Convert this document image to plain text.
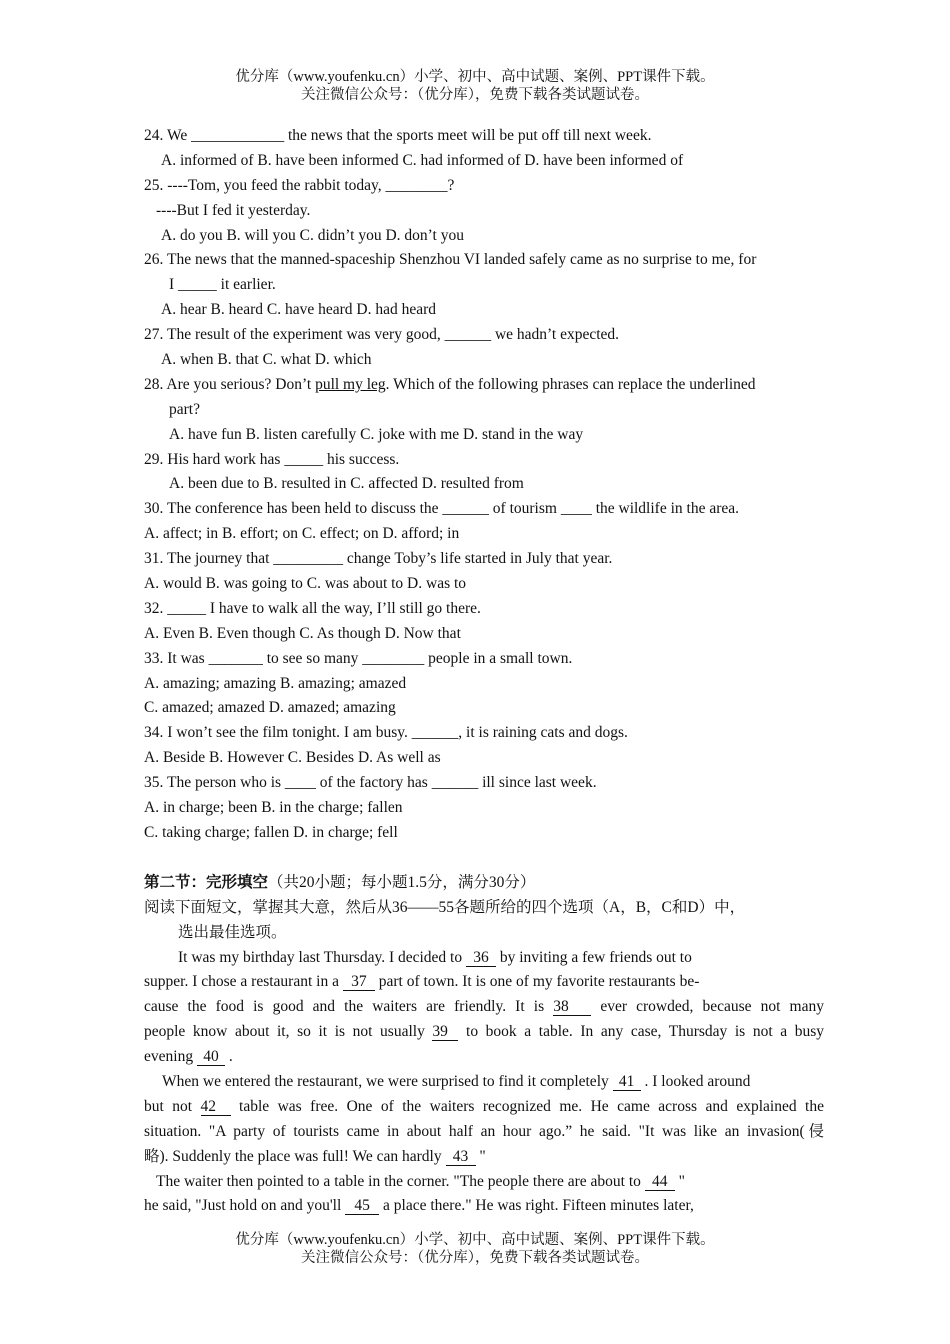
优分库（www.youfenku.cn）小学、初中、高中试题、案例、PPT课件下载。
关注微信公众号：（优分库），免费下载各类试题试卷。
24. We ____________ the news that the sports meet will be put off till next week.
A. informed of B. have been informed C. had informed of D. have been informed of
25. ----Tom, you feed the rabbit today, ________?
----But I fed it yesterday.
A. do you B. will you C. didn’t you D. don’t you
26. The news that the manned-spaceship Shenzhou VI landed safely came as no surprise to me, for
I _____ it earlier.
A. hear B. heard C. have heard D. had heard
27. The result of the experiment was very good, ______ we hadn’t expected.
A. when B. that C. what D. which
28. Are you serious? Don’t pull my leg. Which of the following phrases can replace the underlined
part?
A. have fun B. listen carefully C. joke with me D. stand in the way
29. His hard work has _____ his success.
A. been due to B. resulted in C. affected D. resulted from
30. The conference has been held to discuss the ______ of tourism ____ the wildlife in the area.
A. affect; in B. effort; on C. effect; on D. afford; in
31. The journey that _________ change Toby’s life started in July that year.
A. would B. was going to C. was about to D. was to
32. _____ I have to walk all the way, I’ll still go there.
A. Even B. Even though C. As though D. Now that
33. It was _______ to see so many ________ people in a small town.
A. amazing; amazing B. amazing; amazed
C. amazed; amazed D. amazed; amazing
34. I won’t see the film tonight. I am busy. ______, it is raining cats and dogs.
A. Beside B. However C. Besides D. As well as
35. The person who is ____ of the factory has ______ ill since last week.
A. in charge; been B. in the charge; fallen
C. taking charge; fallen D. in charge; fell
第二节：完形填空（共20小题；每小题1.5分，满分30分）
阅读下面短文，掌握其大意，然后从36——55各题所给的四个选项（A，B，C和D）中，
选出最佳选项。
It was my birthday last Thursday. I decided to 36 by inviting a few friends out to
supper. I chose a restaurant in a 37 part of town. It is one of my favorite restaurants be-
cause the food is good and the waiters are friendly. It is 38 ever crowded, because not many
people know about it, so it is not usually 39 to book a table. In any case, Thursday is not a busy
evening 40 .
When we entered the restaurant, we were surprised to find it completely 41 . I looked around
but not 42 table was free. One of the waiters recognized me. He came across and explained the
situation. "A party of tourists came in about half an hour ago.” he said. "It was like an invasion(侵
略). Suddenly the place was full! We can hardly 43 "
The waiter then pointed to a table in the corner. "The people there are about to 44 "
he said, "Just hold on and you'll 45 a place there." He was right. Fifteen minutes later,
优分库（www.youfenku.cn）小学、初中、高中试题、案例、PPT课件下载。
关注微信公众号：（优分库），免费下载各类试题试卷。
